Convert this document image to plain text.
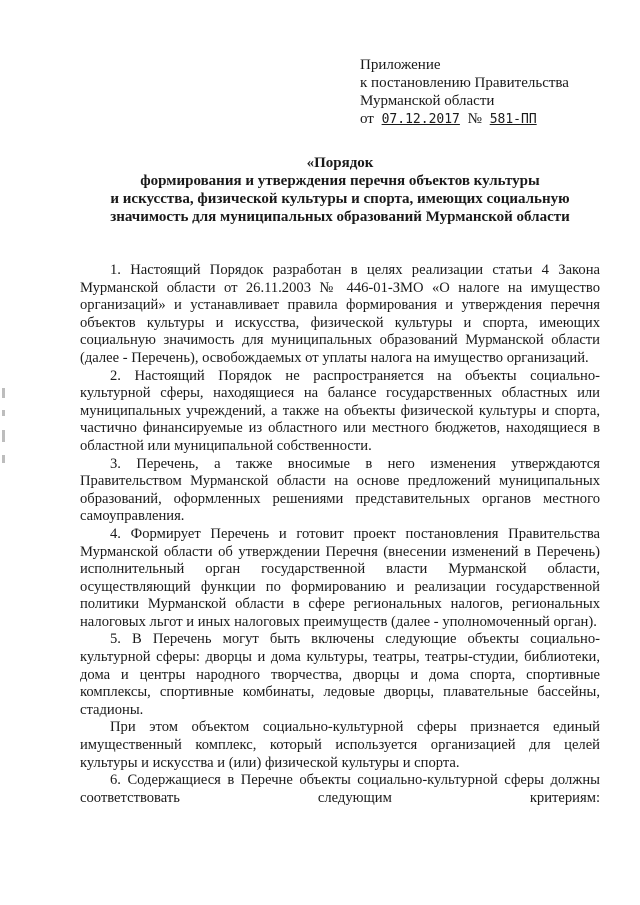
Приложение
к постановлению Правительства
Мурманской области
от 07.12.2017 № 581-ПП
«Порядок
формирования и утверждения перечня объектов культуры
и искусства, физической культуры и спорта, имеющих социальную
значимость для муниципальных образований Мурманской области

1. Настоящий Порядок разработан в целях реализации статьи 4 Закона Мурманской области от 26.11.2003 № 446-01-ЗМО «О налоге на имущество организаций» и устанавливает правила формирования и утверждения перечня объектов культуры и искусства, физической культуры и спорта, имеющих социальную значимость для муниципальных образований Мурманской области (далее - Перечень), освобождаемых от уплаты налога на имущество организаций.

2. Настоящий Порядок не распространяется на объекты социально-культурной сферы, находящиеся на балансе государственных областных или муниципальных учреждений, а также на объекты физической культуры и спорта, частично финансируемые из областного или местного бюджетов, находящиеся в областной или муниципальной собственности.

3. Перечень, а также вносимые в него изменения утверждаются Правительством Мурманской области на основе предложений муниципальных образований, оформленных решениями представительных органов местного самоуправления.

4. Формирует Перечень и готовит проект постановления Правительства Мурманской области об утверждении Перечня (внесении изменений в Перечень) исполнительный орган государственной власти Мурманской области, осуществляющий функции по формированию и реализации государственной политики Мурманской области в сфере региональных налогов, региональных налоговых льгот и иных налоговых преимуществ (далее - уполномоченный орган).

5. В Перечень могут быть включены следующие объекты социально-культурной сферы: дворцы и дома культуры, театры, театры-студии, библиотеки, дома и центры народного творчества, дворцы и дома спорта, спортивные комплексы, спортивные комбинаты, ледовые дворцы, плавательные бассейны, стадионы.

При этом объектом социально-культурной сферы признается единый имущественный комплекс, который используется организацией для целей культуры и искусства и (или) физической культуры и спорта.

6. Содержащиеся в Перечне объекты социально-культурной сферы должны соответствовать следующим критериям:
